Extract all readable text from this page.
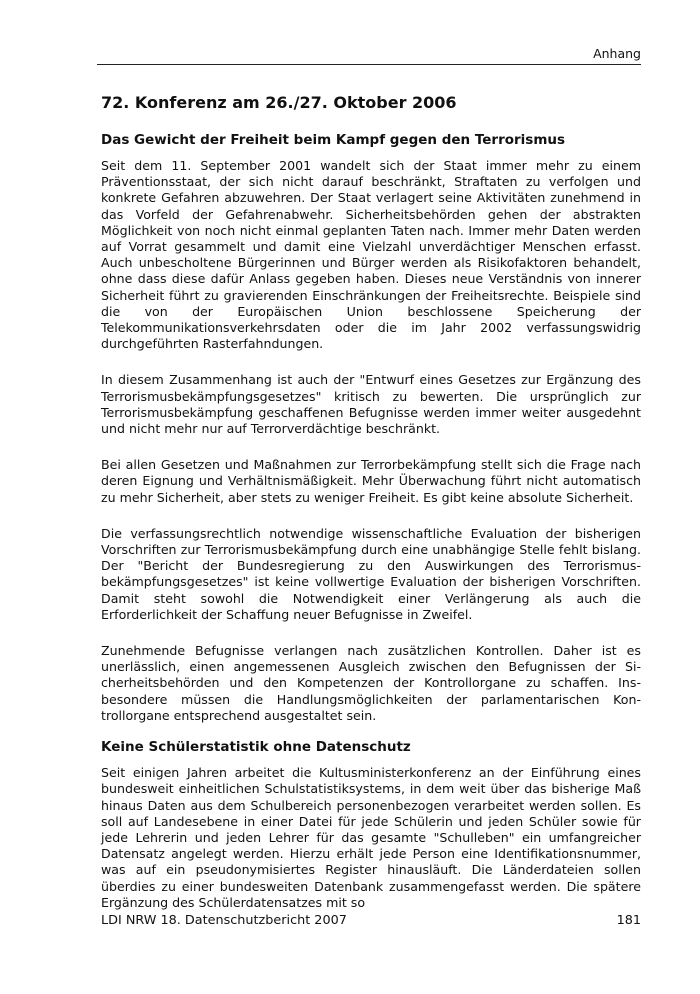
Anhang
72. Konferenz am 26./27. Oktober 2006
Das Gewicht der Freiheit beim Kampf gegen den Terrorismus

Seit dem 11. September 2001 wandelt sich der Staat immer mehr zu einem Präventionsstaat, der sich nicht darauf beschränkt, Straftaten zu verfolgen und konkrete Gefahren abzuwehren. Der Staat verlagert seine Aktivitäten zunehmend in das Vorfeld der Gefahrenabwehr. Sicherheitsbehörden gehen der abstrakten Möglichkeit von noch nicht einmal geplanten Taten nach. Immer mehr Daten werden auf Vorrat gesammelt und damit eine Vielzahl unverdächtiger Menschen erfasst. Auch unbescholtene Bürgerinnen und Bürger werden als Risikofaktoren behandelt, ohne dass diese dafür Anlass gegeben haben. Dieses neue Verständnis von innerer Sicherheit führt zu gravierenden Einschränkungen der Freiheitsrechte. Beispiele sind die von der Europäischen Union beschlossene Speicherung der Telekommunikationsverkehrsdaten oder die im Jahr 2002 verfassungswidrig durchgeführten Rasterfahndungen.

In diesem Zusammenhang ist auch der "Entwurf eines Gesetzes zur Ergänzung des Terrorismusbekämpfungsgesetzes" kritisch zu bewerten. Die ursprünglich zur Terrorismusbekämpfung geschaffenen Befugnisse werden immer weiter ausgedehnt und nicht mehr nur auf Terrorverdächtige beschränkt.

Bei allen Gesetzen und Maßnahmen zur Terrorbekämpfung stellt sich die Frage nach deren Eignung und Verhältnismäßigkeit. Mehr Überwachung führt nicht automatisch zu mehr Sicherheit, aber stets zu weniger Freiheit. Es gibt keine absolute Sicherheit.

Die verfassungsrechtlich notwendige wissenschaftliche Evaluation der bisherigen Vorschriften zur Terrorismusbekämpfung durch eine unabhängige Stelle fehlt bislang. Der "Bericht der Bundesregierung zu den Auswirkungen des Terrorismus-bekämpfungsgesetzes" ist keine vollwertige Evaluation der bisherigen Vorschriften. Damit steht sowohl die Notwendigkeit einer Verlängerung als auch die Erforderlichkeit der Schaffung neuer Befugnisse in Zweifel.

Zunehmende Befugnisse verlangen nach zusätzlichen Kontrollen. Daher ist es unerlässlich, einen angemessenen Ausgleich zwischen den Befugnissen der Sicherheitsbehörden und den Kompetenzen der Kontrollorgane zu schaffen. Insbesondere müssen die Handlungsmöglichkeiten der parlamentarischen Kontrollorgane entsprechend ausgestaltet sein.

Keine Schülerstatistik ohne Datenschutz

Seit einigen Jahren arbeitet die Kultusministerkonferenz an der Einführung eines bundesweit einheitlichen Schulstatistiksystems, in dem weit über das bisherige Maß hinaus Daten aus dem Schulbereich personenbezogen verarbeitet werden sollen. Es soll auf Landesebene in einer Datei für jede Schülerin und jeden Schüler sowie für jede Lehrerin und jeden Lehrer für das gesamte "Schulleben" ein umfangreicher Datensatz angelegt werden. Hierzu erhält jede Person eine Identifikationsnummer, was auf ein pseudonymisiertes Register hinausläuft. Die Länderdateien sollen überdies zu einer bundesweiten Datenbank zusammengefasst werden. Die spätere Ergänzung des Schülerdatensatzes mit so

LDI NRW 18. Datenschutzbericht 2007	181
